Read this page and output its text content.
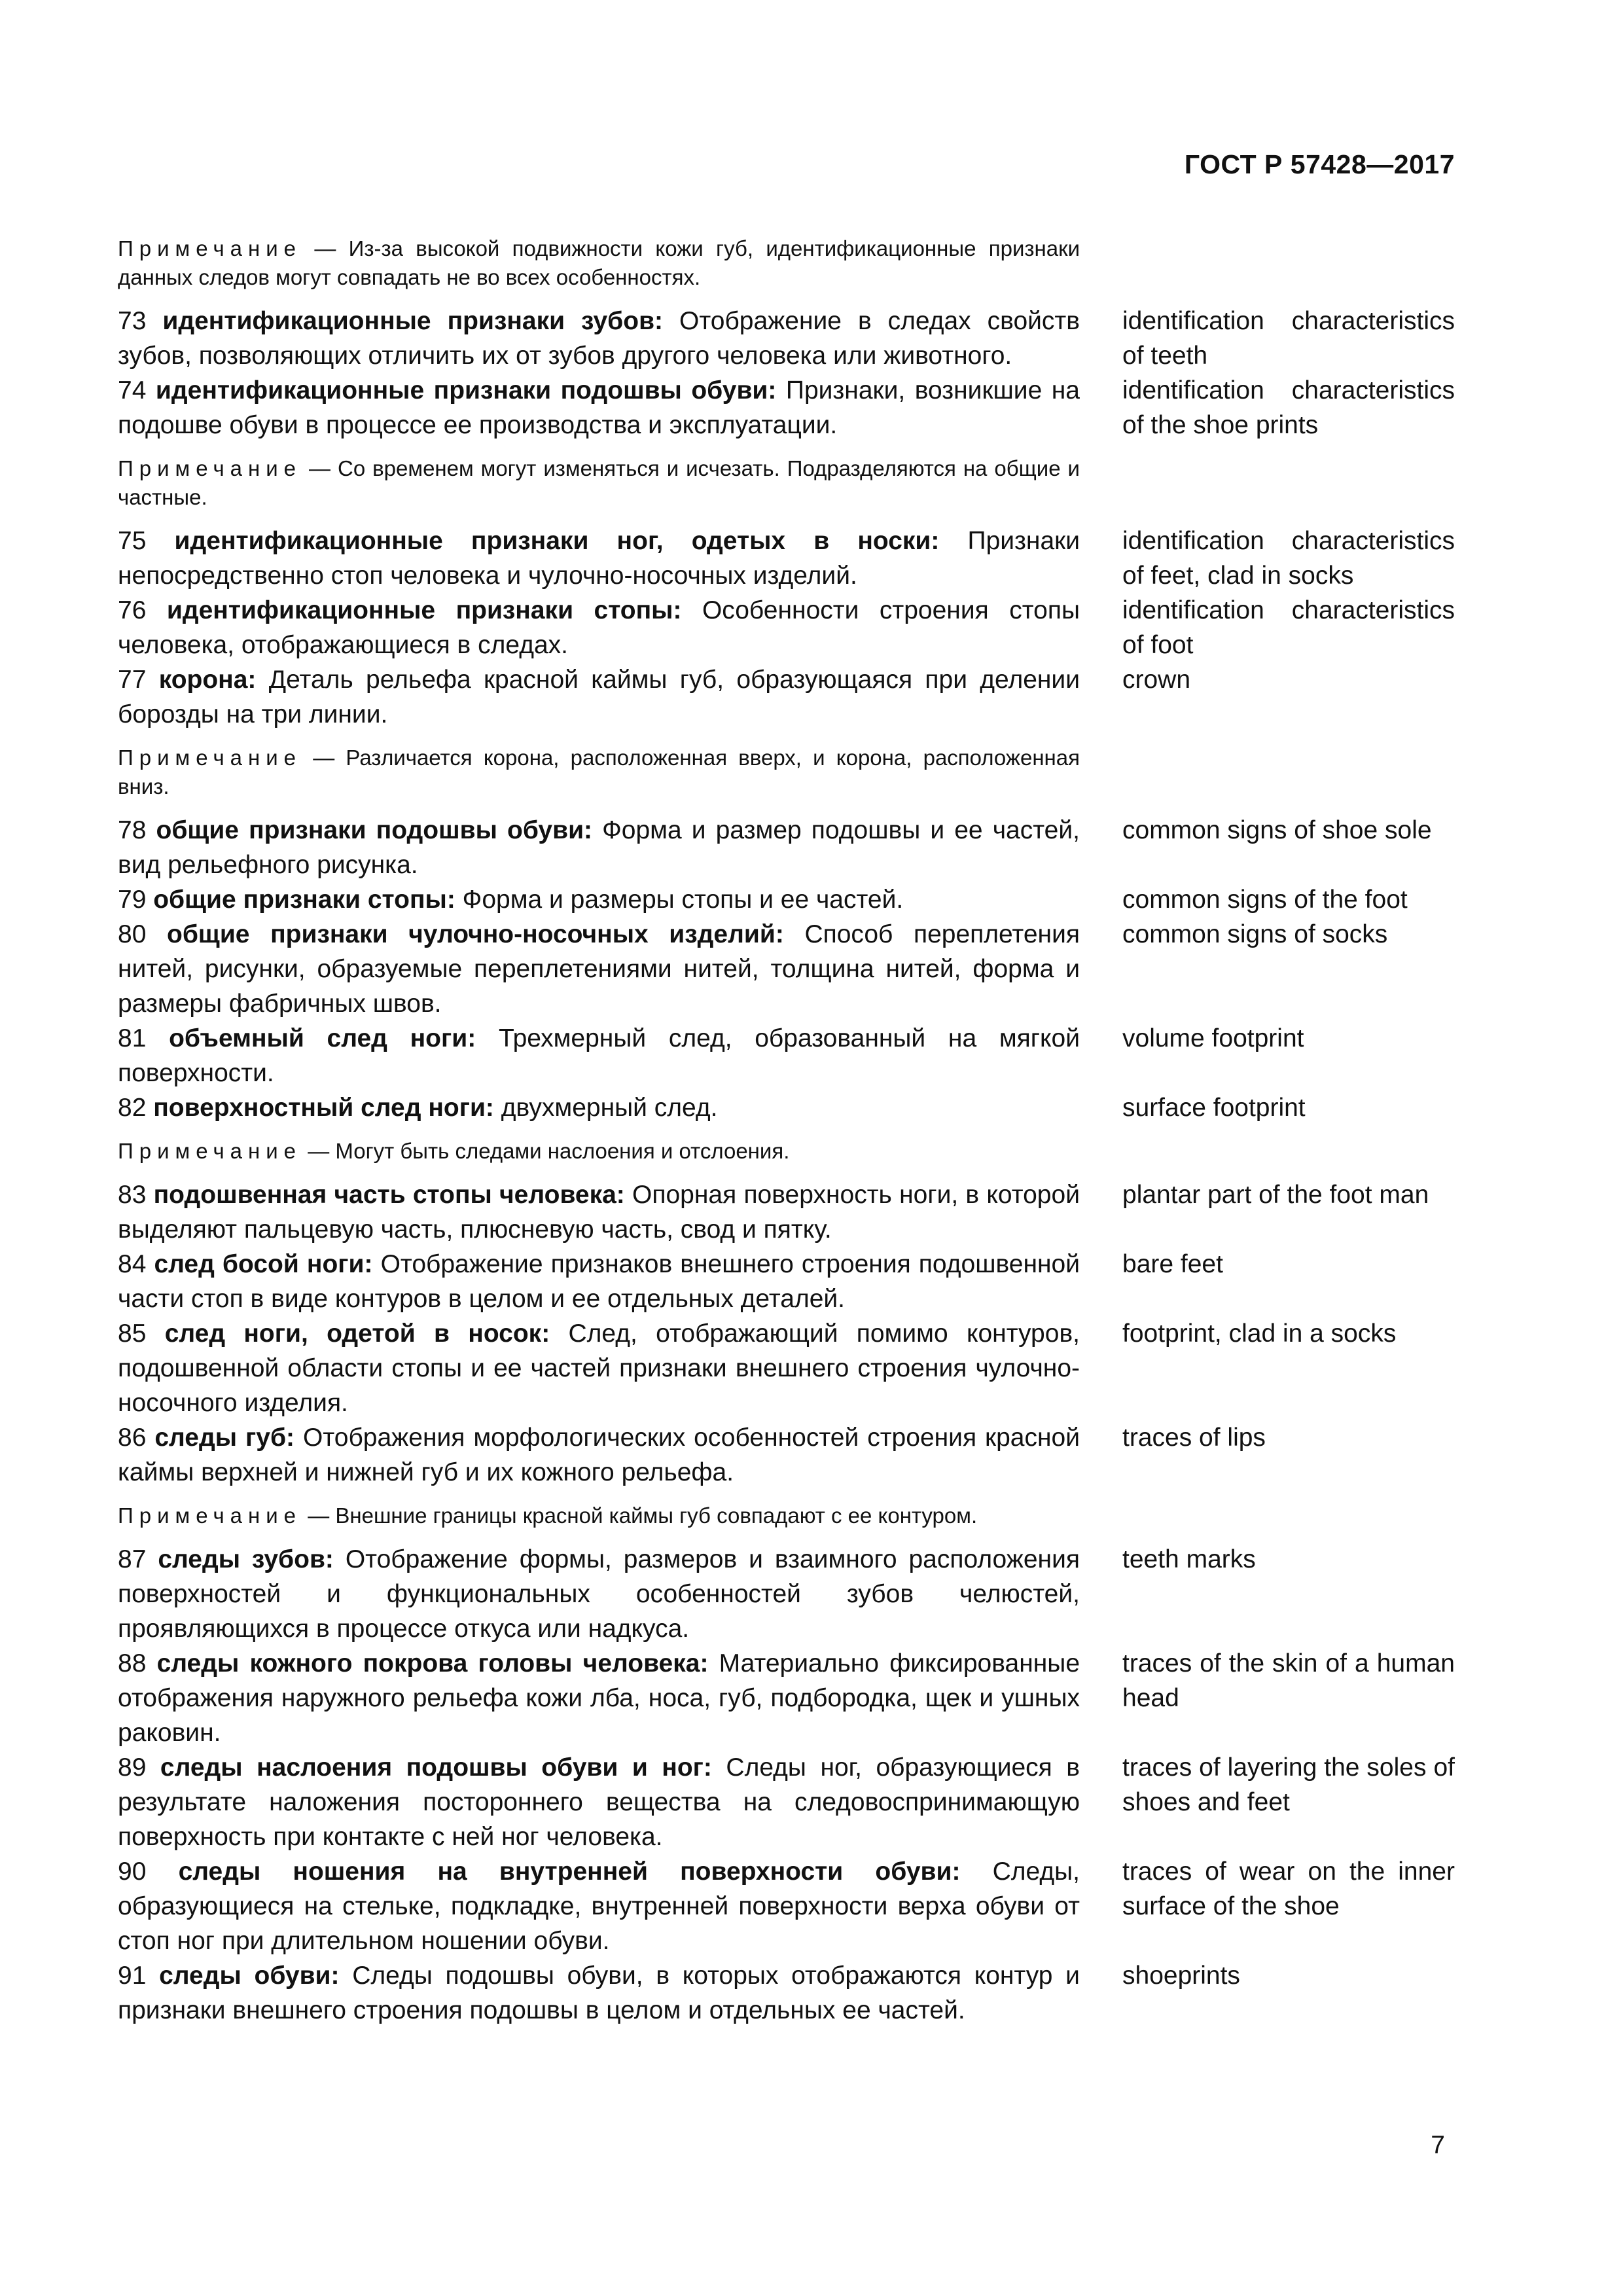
ГОСТ Р 57428—2017
Примечание — Из-за высокой подвижности кожи губ, идентификационные признаки данных следов могут совпадать не во всех особенностях.
73 идентификационные признаки зубов: Отображение в следах свойств зубов, позволяющих отличить их от зубов другого человека или животного.
identification characteristics of teeth
74 идентификационные признаки подошвы обуви: Признаки, возникшие на подошве обуви в процессе ее производства и эксплуатации.
identification characteristics of the shoe prints
Примечание — Со временем могут изменяться и исчезать. Подразделяются на общие и частные.
75 идентификационные признаки ног, одетых в носки: Признаки непосредственно стоп человека и чулочно-носочных изделий.
identification characteristics of feet, clad in socks
76 идентификационные признаки стопы: Особенности строения стопы человека, отображающиеся в следах.
identification characteristics of foot
77 корона: Деталь рельефа красной каймы губ, образующаяся при делении борозды на три линии.
crown
Примечание — Различается корона, расположенная вверх, и корона, расположенная вниз.
78 общие признаки подошвы обуви: Форма и размер подошвы и ее частей, вид рельефного рисунка.
common signs of shoe sole
79 общие признаки стопы: Форма и размеры стопы и ее частей.	common signs of the foot
80 общие признаки чулочно-носочных изделий: Способ переплетения нитей, рисунки, образуемые переплетениями нитей, толщина нитей, форма и размеры фабричных швов.
common signs of socks
81 объемный след ноги: Трехмерный след, образованный на мягкой поверхности.
volume footprint
82 поверхностный след ноги: двухмерный след.	surface footprint
Примечание — Могут быть следами наслоения и отслоения.
83 подошвенная часть стопы человека: Опорная поверхность ноги, в которой выделяют пальцевую часть, плюсневую часть, свод и пятку.
plantar part of the foot man
84 след босой ноги: Отображение признаков внешнего строения подошвенной части стоп в виде контуров в целом и ее отдельных деталей.
bare feet
85 след ноги, одетой в носок: След, отображающий помимо контуров, подошвенной области стопы и ее частей признаки внешнего строения чулочно-носочного изделия.
footprint, clad in a socks
86 следы губ: Отображения морфологических особенностей строения красной каймы верхней и нижней губ и их кожного рельефа.
traces of lips
Примечание — Внешние границы красной каймы губ совпадают с ее контуром.
87 следы зубов: Отображение формы, размеров и взаимного расположения поверхностей и функциональных особенностей зубов челюстей, проявляющихся в процессе откуса или надкуса.
teeth marks
88 следы кожного покрова головы человека: Материально фиксированные отображения наружного рельефа кожи лба, носа, губ, подбородка, щек и ушных раковин.
traces of the skin of a human head
89 следы наслоения подошвы обуви и ног: Следы ног, образующиеся в результате наложения постороннего вещества на следовоспринимающую поверхность при контакте с ней ног человека.
traces of layering the soles of shoes and feet
90 следы ношения на внутренней поверхности обуви: Следы, образующиеся на стельке, подкладке, внутренней поверхности верха обуви от стоп ног при длительном ношении обуви.
traces of wear on the inner surface of the shoe
91 следы обуви: Следы подошвы обуви, в которых отображаются контур и признаки внешнего строения подошвы в целом и отдельных ее частей.
shoeprints
7
